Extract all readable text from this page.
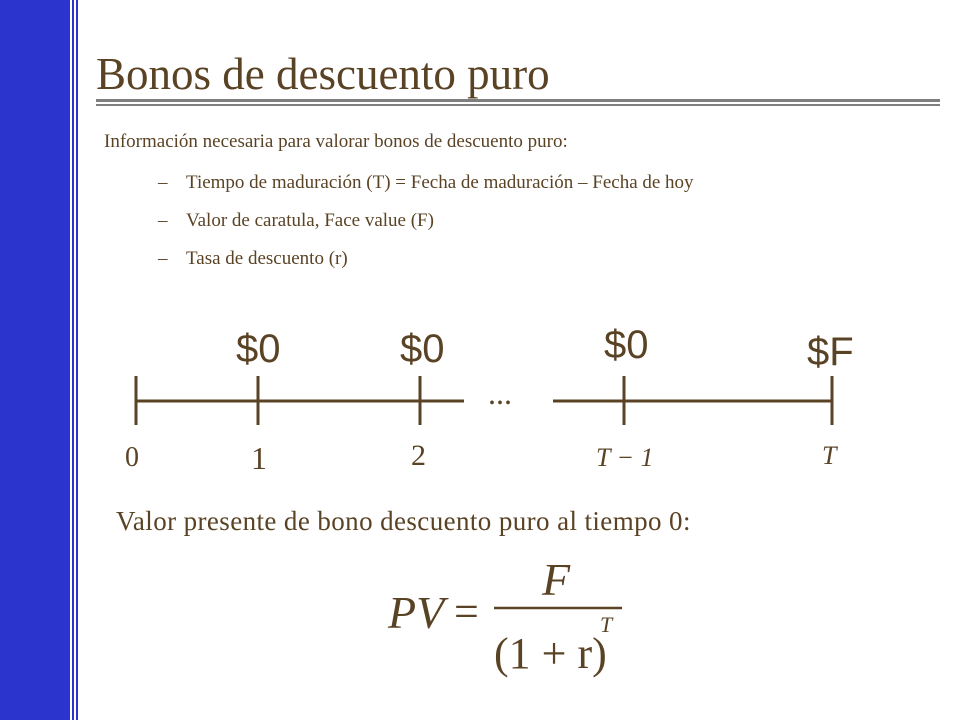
Bonos de descuento puro
Información necesaria para valorar bonos de descuento puro:
– Tiempo de maduración (T) = Fecha de maduración – Fecha de hoy
– Valor de caratula, Face value (F)
– Tasa de descuento (r)
$0	$0	$0	$F
...
0	1	2	T − 1	T
Valor presente de bono descuento puro al tiempo 0:
PV =
F
(1 + r)
T
